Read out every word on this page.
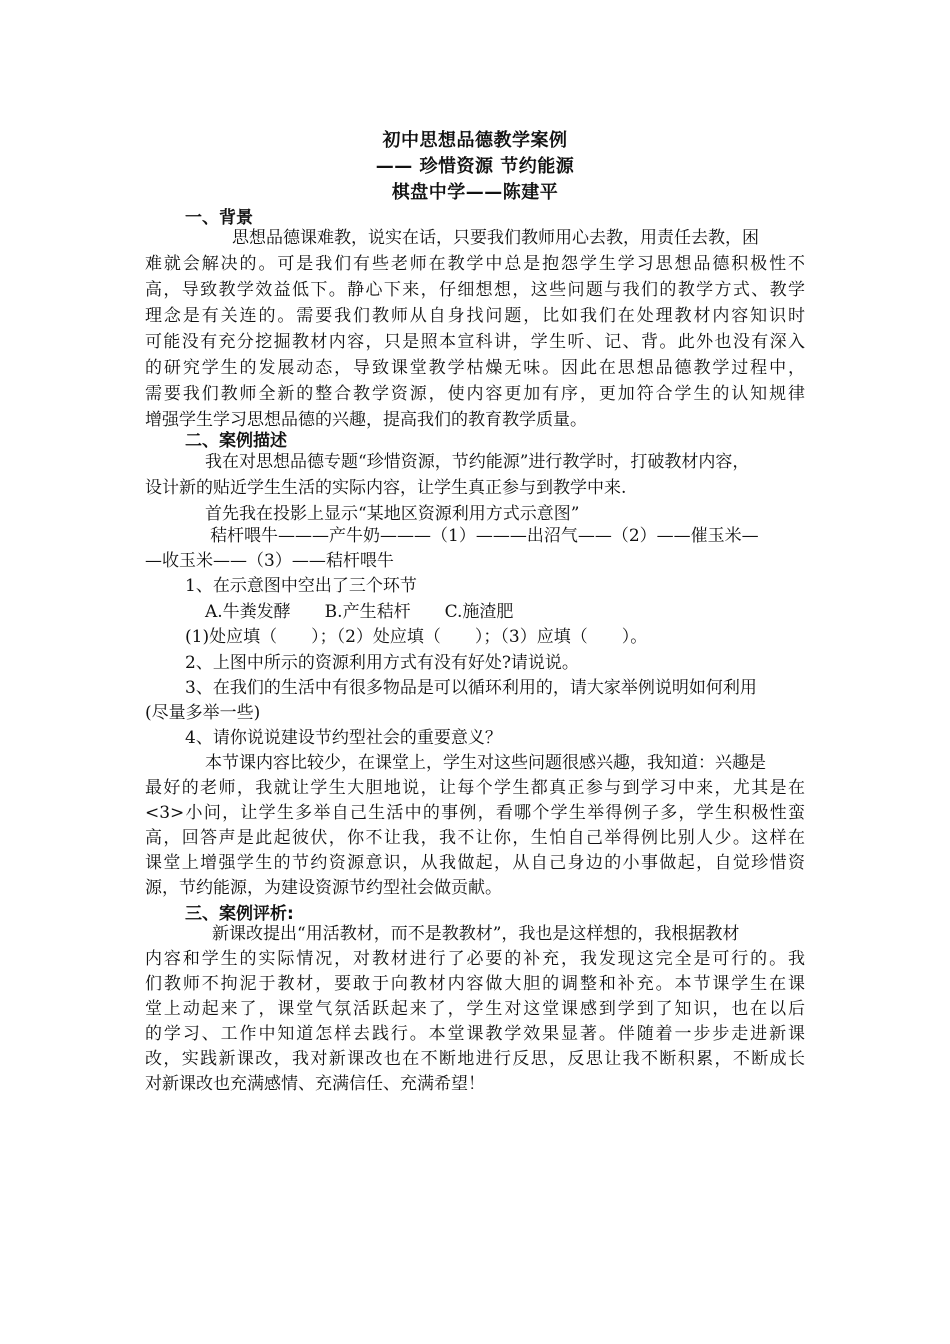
初中思想品德教学案例
—— 珍惜资源 节约能源
棋盘中学——陈建平
一、背景
思想品德课难教，说实在话，只要我们教师用心去教，用责任去教，困
难就会解决的。可是我们有些老师在教学中总是抱怨学生学习思想品德积极性不
高，导致教学效益低下。静心下来，仔细想想，这些问题与我们的教学方式、教学
理念是有关连的。需要我们教师从自身找问题，比如我们在处理教材内容知识时
可能没有充分挖掘教材内容，只是照本宣科讲，学生听、记、背。此外也没有深入
的研究学生的发展动态，导致课堂教学枯燥无味。因此在思想品德教学过程中，
需要我们教师全新的整合教学资源，使内容更加有序，更加符合学生的认知规律
增强学生学习思想品德的兴趣，提高我们的教育教学质量。
二、案例描述
我在对思想品德专题“珍惜资源，节约能源”进行教学时，打破教材内容，
设计新的贴近学生生活的实际内容，让学生真正参与到教学中来.
首先我在投影上显示“某地区资源利用方式示意图”
秸杆喂牛———产牛奶———（1）———出沼气——（2）——催玉米—
—收玉米——（3）——秸杆喂牛
1、在示意图中空出了三个环节
A.牛粪发酵　　B.产生秸杆　　C.施渣肥
(1)处应填（　　）；（2）处应填（　　）；（3）应填（　　）。
2、上图中所示的资源利用方式有没有好处?请说说。
3、在我们的生活中有很多物品是可以循环利用的，请大家举例说明如何利用
(尽量多举一些)
4、请你说说建设节约型社会的重要意义？
本节课内容比较少，在课堂上，学生对这些问题很感兴趣，我知道：兴趣是
最好的老师，我就让学生大胆地说，让每个学生都真正参与到学习中来，尤其是在
<3>小问，让学生多举自己生活中的事例，看哪个学生举得例子多，学生积极性蛮
高，回答声是此起彼伏，你不让我，我不让你，生怕自己举得例比别人少。这样在
课堂上增强学生的节约资源意识，从我做起，从自己身边的小事做起，自觉珍惜资
源，节约能源，为建设资源节约型社会做贡献。
三、案例评析:
新课改提出“用活教材，而不是教教材”，我也是这样想的，我根据教材
内容和学生的实际情况，对教材进行了必要的补充，我发现这完全是可行的。我
们教师不拘泥于教材，要敢于向教材内容做大胆的调整和补充。本节课学生在课
堂上动起来了，课堂气氛活跃起来了，学生对这堂课感到学到了知识，也在以后
的学习、工作中知道怎样去践行。本堂课教学效果显著。伴随着一步步走进新课
改，实践新课改，我对新课改也在不断地进行反思，反思让我不断积累，不断成长
对新课改也充满感情、充满信任、充满希望！
